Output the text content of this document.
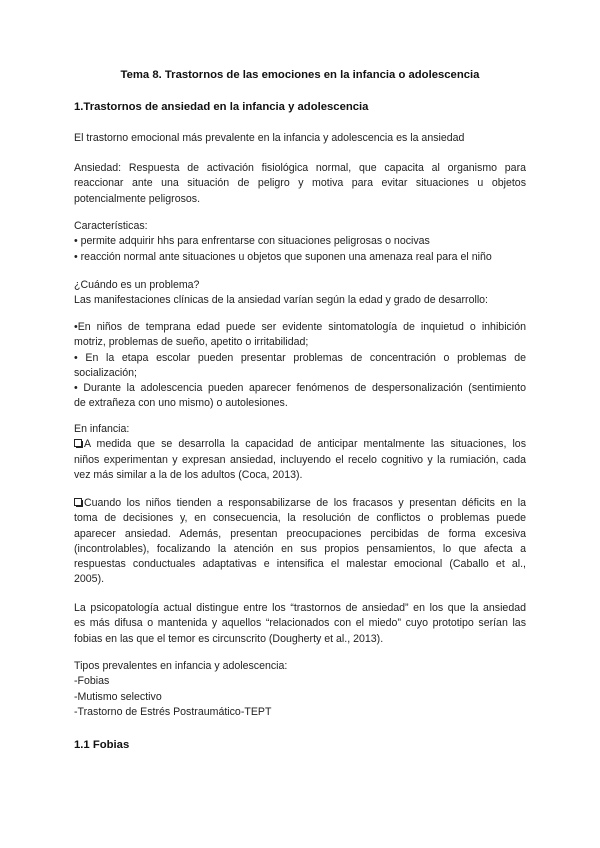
Tema 8. Trastornos de las emociones en la infancia o adolescencia
1.Trastornos de ansiedad en la infancia y adolescencia
El trastorno emocional más prevalente en la infancia y adolescencia es la ansiedad
Ansiedad: Respuesta de activación fisiológica normal, que capacita al organismo para
reaccionar ante una situación de peligro y motiva para evitar situaciones u objetos
potencialmente peligrosos.
Características:
• permite adquirir hhs para enfrentarse con situaciones peligrosas o nocivas
• reacción normal ante situaciones u objetos que suponen una amenaza real para el niño
¿Cuándo es un problema?
Las manifestaciones clínicas de la ansiedad varían según la edad y grado de desarrollo:
•En niños de temprana edad puede ser evidente sintomatología de inquietud o inhibición
motriz, problemas de sueño, apetito o irritabilidad;
• En la etapa escolar pueden presentar problemas de concentración o problemas de
socialización;
• Durante la adolescencia pueden aparecer fenómenos de despersonalización (sentimiento
de extrañeza con uno mismo) o autolesiones.
En infancia:
A medida que se desarrolla la capacidad de anticipar mentalmente las situaciones, los
niños experimentan y expresan ansiedad, incluyendo el recelo cognitivo y la rumiación, cada
vez más similar a la de los adultos (Coca, 2013).
Cuando los niños tienden a responsabilizarse de los fracasos y presentan déficits en la
toma de decisiones y, en consecuencia, la resolución de conflictos o problemas puede
aparecer ansiedad. Además, presentan preocupaciones percibidas de forma excesiva
(incontrolables), focalizando la atención en sus propios pensamientos, lo que afecta a
respuestas conductuales adaptativas e intensifica el malestar emocional (Caballo et al.,
2005).
La psicopatología actual distingue entre los “trastornos de ansiedad” en los que la ansiedad
es más difusa o mantenida y aquellos “relacionados con el miedo” cuyo prototipo serían las
fobias en las que el temor es circunscrito (Dougherty et al., 2013).
Tipos prevalentes en infancia y adolescencia:
-Fobias
-Mutismo selectivo
-Trastorno de Estrés Postraumático-TEPT
1.1 Fobias
